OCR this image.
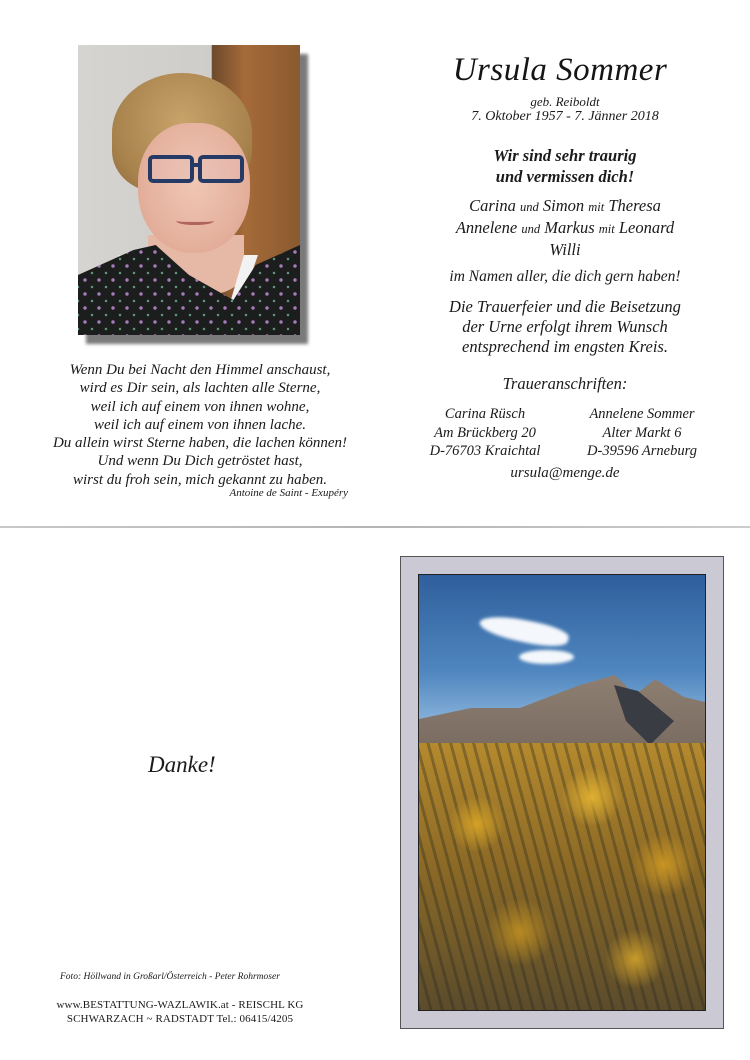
Ursula Sommer
geb. Reiboldt
7. Oktober 1957 - 7. Jänner 2018
Wir sind sehr traurig
und vermissen dich!
Carina und Simon mit Theresa
Annelene und Markus mit Leonard
Willi
im Namen aller, die dich gern haben!
Die Trauerfeier und die Beisetzung
der Urne erfolgt ihrem Wunsch
entsprechend im engsten Kreis.
Traueranschriften:
Carina Rüsch
Am Brückberg 20
D-76703 Kraichtal
Annelene Sommer
Alter Markt 6
D-39596 Arneburg
ursula@menge.de
Wenn Du bei Nacht den Himmel anschaust,
wird es Dir sein, als lachten alle Sterne,
weil ich auf einem von ihnen wohne,
weil ich auf einem von ihnen lache.
Du allein wirst Sterne haben, die lachen können!
Und wenn Du Dich getröstet hast,
wirst du froh sein, mich gekannt zu haben.
Antoine de Saint - Exupéry
Danke!
Foto: Höllwand in Großarl/Österreich - Peter Rohrmoser
www.BESTATTUNG-WAZLAWIK.at - REISCHL KG
SCHWARZACH ~ RADSTADT Tel.: 06415/4205
